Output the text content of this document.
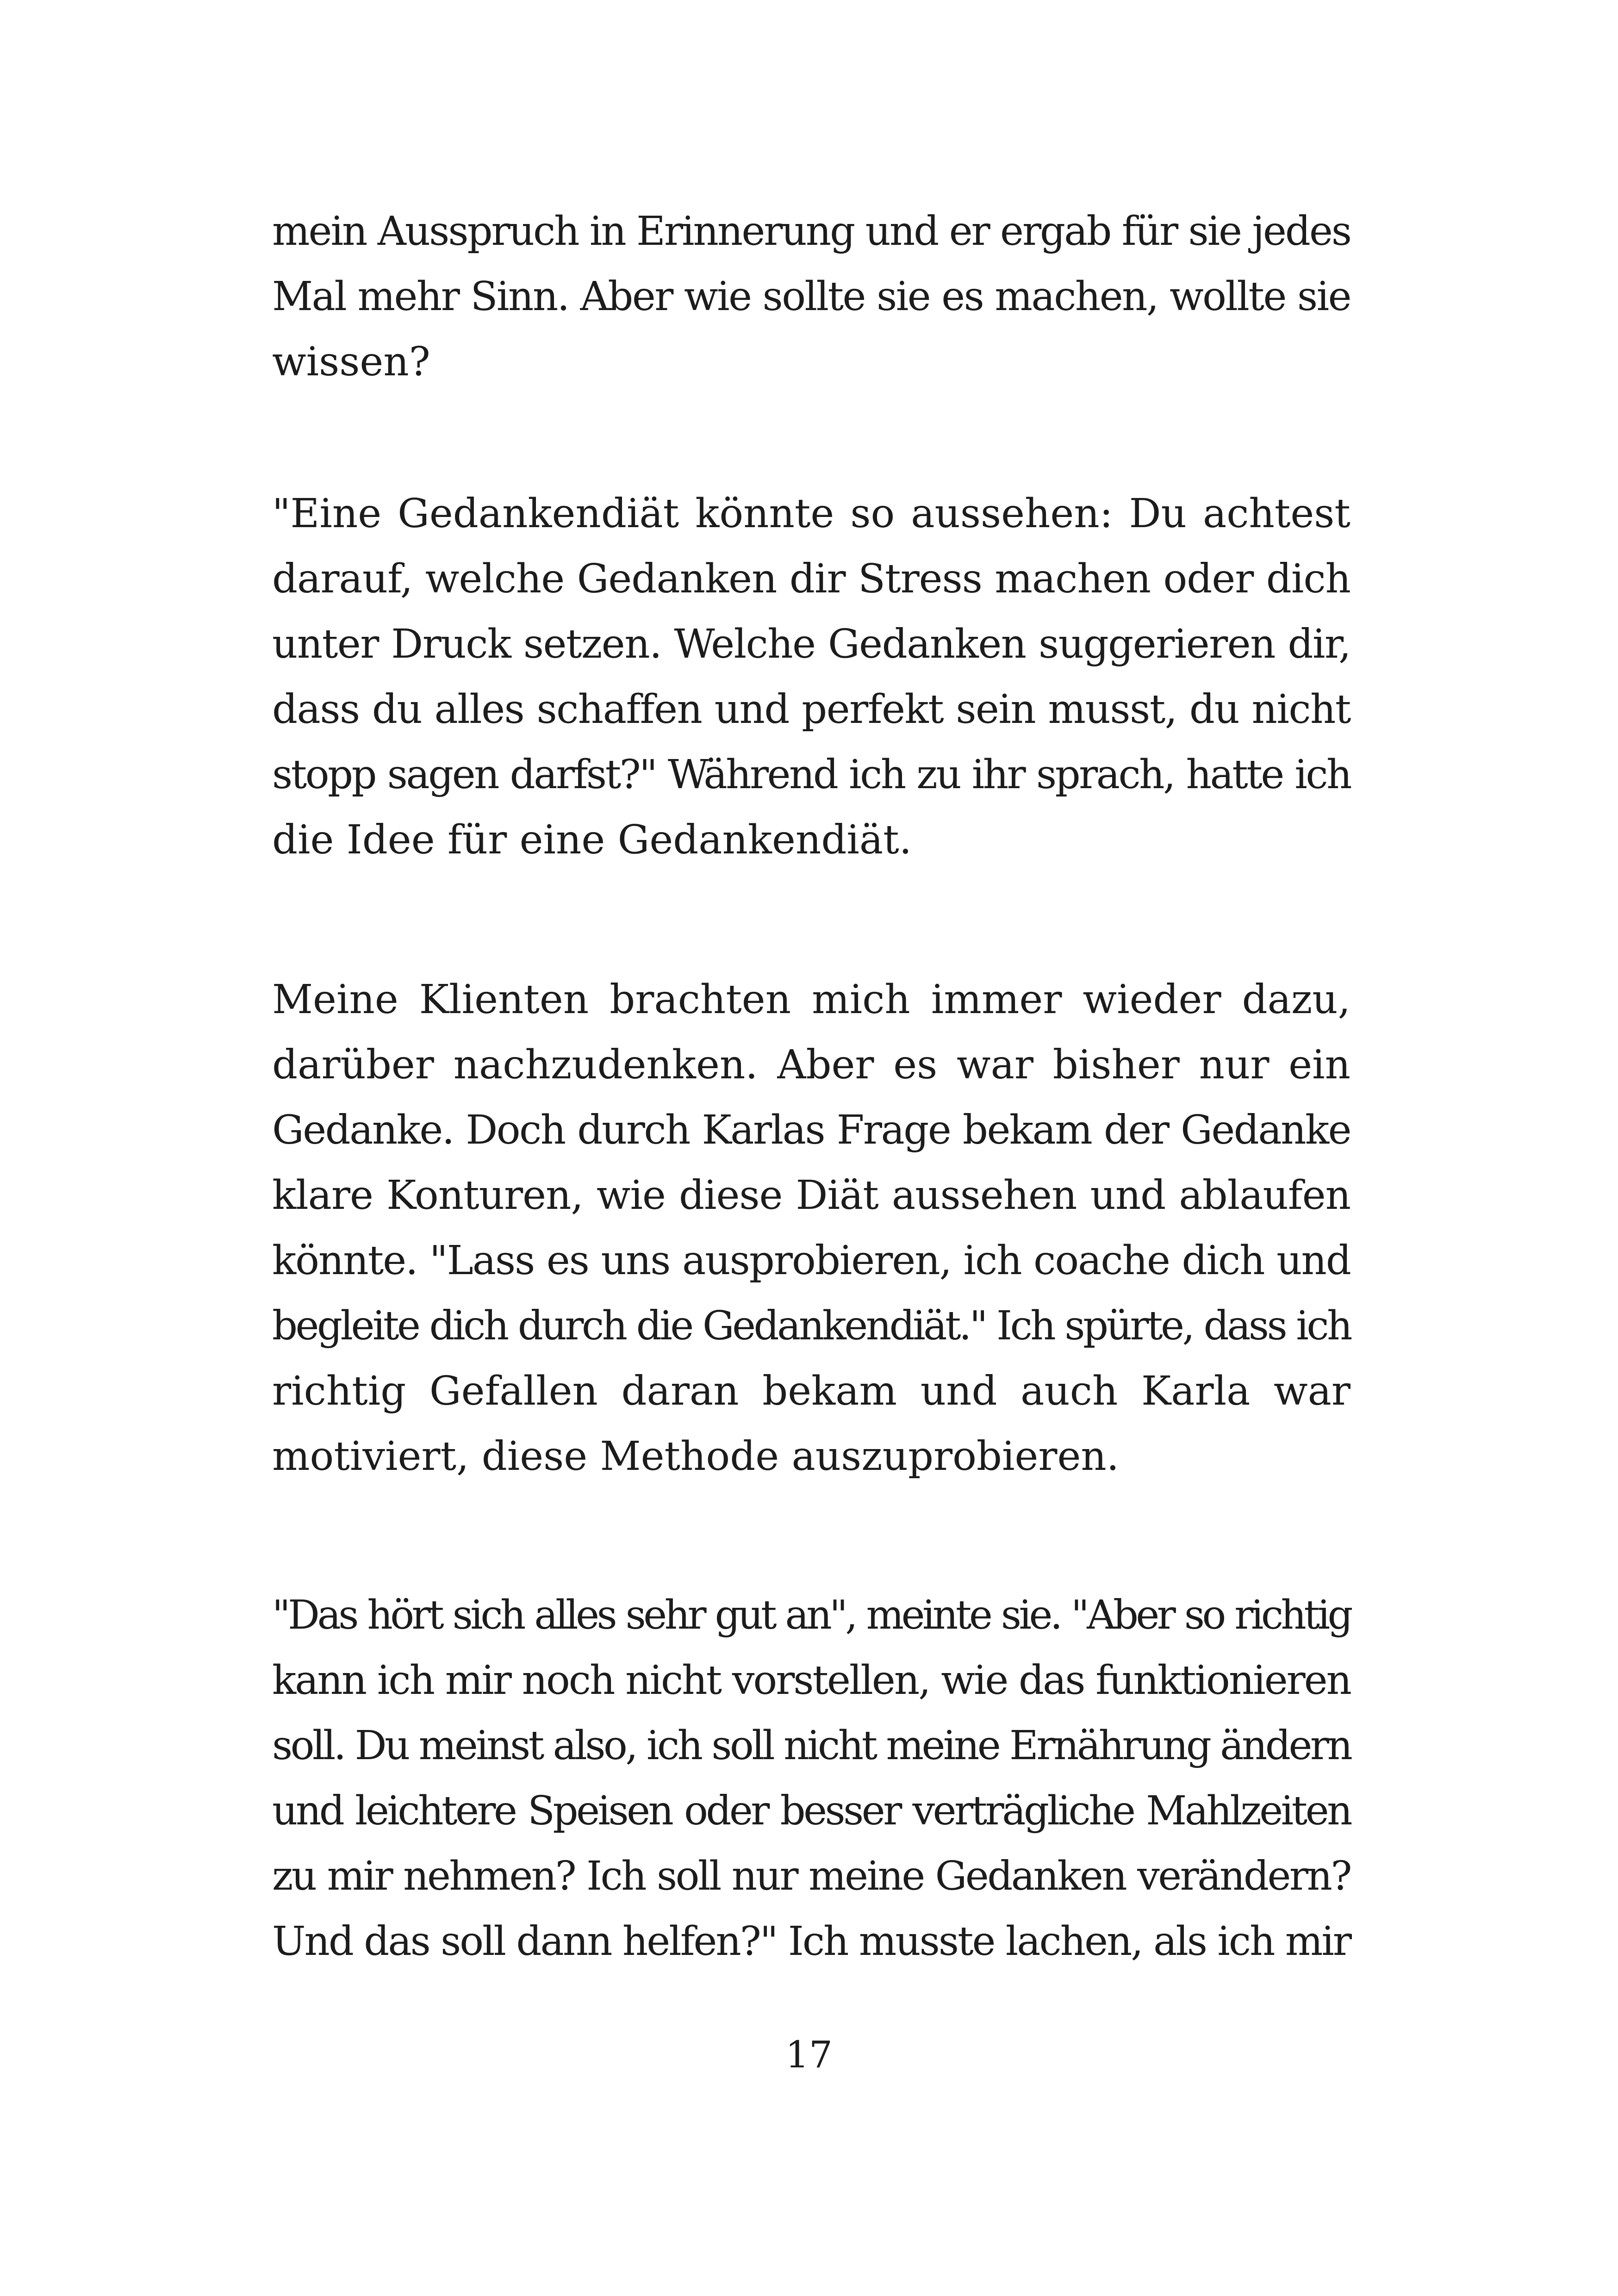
mein Ausspruch in Erinnerung und er ergab für sie jedes
Mal mehr Sinn. Aber wie sollte sie es machen, wollte sie
wissen?

"Eine Gedankendiät könnte so aussehen: Du achtest
darauf, welche Gedanken dir Stress machen oder dich
unter Druck setzen. Welche Gedanken suggerieren dir,
dass du alles schaffen und perfekt sein musst, du nicht
stopp sagen darfst?" Während ich zu ihr sprach, hatte ich
die Idee für eine Gedankendiät.

Meine Klienten brachten mich immer wieder dazu,
darüber nachzudenken. Aber es war bisher nur ein
Gedanke. Doch durch Karlas Frage bekam der Gedanke
klare Konturen, wie diese Diät aussehen und ablaufen
könnte. "Lass es uns ausprobieren, ich coache dich und
begleite dich durch die Gedankendiät." Ich spürte, dass ich
richtig Gefallen daran bekam und auch Karla war
motiviert, diese Methode auszuprobieren.

"Das hört sich alles sehr gut an", meinte sie. "Aber so richtig
kann ich mir noch nicht vorstellen, wie das funktionieren
soll. Du meinst also, ich soll nicht meine Ernährung ändern
und leichtere Speisen oder besser verträgliche Mahlzeiten
zu mir nehmen? Ich soll nur meine Gedanken verändern?
Und das soll dann helfen?" Ich musste lachen, als ich mir

17
